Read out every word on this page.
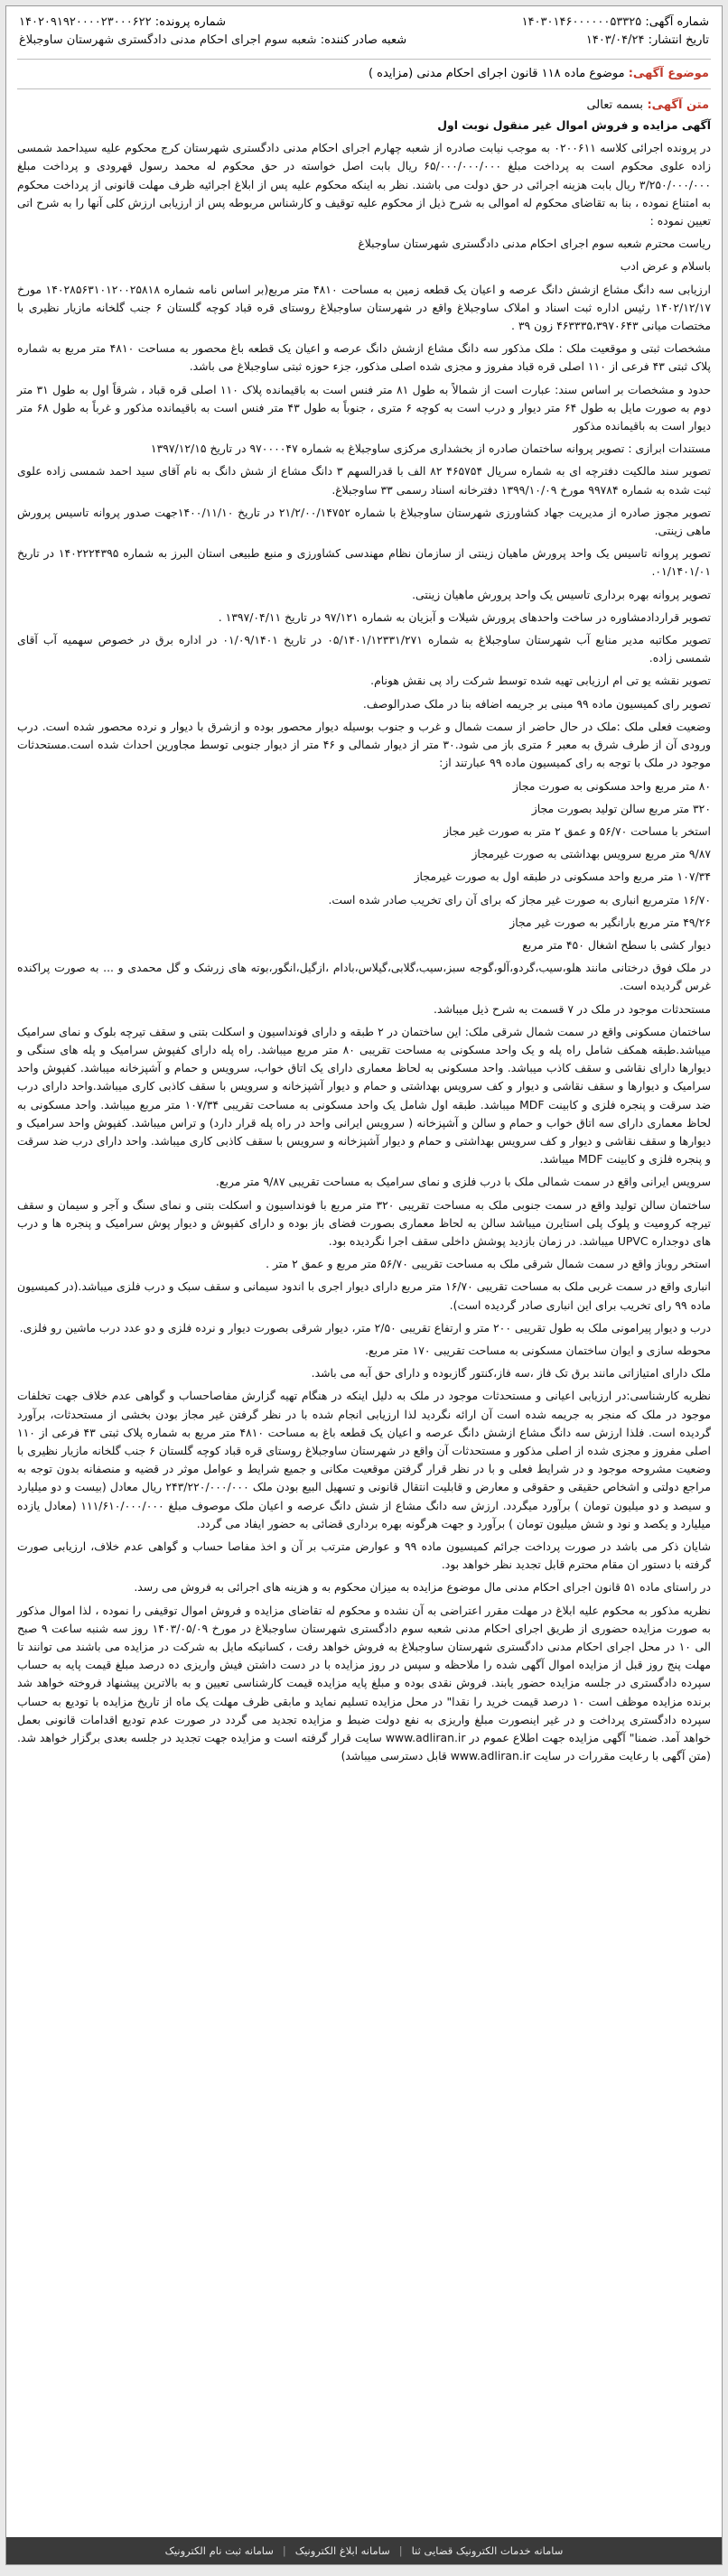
شماره آگهی: ۱۴۰۳۰۱۴۶۰۰۰۰۰۰۵۳۳۲۵
شماره پرونده: ۱۴۰۲۰۹۱۹۲۰۰۰۰۲۳۰۰۰۶۲۲
تاریخ انتشار: ۱۴۰۳/۰۴/۲۴
شعبه صادر کننده: شعبه سوم اجرای احکام مدنی دادگستری شهرستان ساوجبلاغ
موضوع آگهی: موضوع ماده ۱۱۸ قانون اجرای احکام مدنی (مزایده )
متن آگهی: بسمه تعالی

آگهی مزایده و فروش اموال غیر منقول نوبت اول

در پرونده اجرائی کلاسه ۰۲۰۰۶۱۱ به موجب نیابت صادره از شعبه چهارم اجرای احکام مدنی دادگستری شهرستان کرج محکوم علیه سیداحمد شمسی زاده علوی محکوم است به پرداخت مبلغ ۶۵/۰۰۰/۰۰۰/۰۰۰ ریال بابت اصل خواسته در حق محکوم له محمد رسول قهرودی و پرداخت مبلغ ۳/۲۵۰/۰۰۰/۰۰۰ ریال بابت هزینه اجرائی در حق دولت می باشند. نظر به اینکه محکوم علیه پس از ابلاغ اجرائیه ظرف مهلت قانونی از پرداخت محکوم به امتناع نموده ، بنا به تقاضای محکوم له اموالی به شرح ذیل از محکوم علیه توقیف و کارشناس مربوطه پس از ارزیابی ارزش کلی آنها را به شرح اتی تعیین نموده :

ریاست محترم شعبه سوم اجرای احکام مدنی دادگستری شهرستان ساوجبلاغ

باسلام و عرض ادب

ارزیابی سه دانگ مشاع ازشش دانگ عرصه و اعیان یک قطعه زمین به مساحت ۴۸۱۰ متر مربع(بر اساس نامه شماره ۱۴۰۲۸۵۶۳۱۰۱۲۰۰۲۵۸۱۸ مورخ ۱۴۰۲/۱۲/۱۷ رئیس اداره ثبت اسناد و املاک ساوجبلاغ واقع در شهرستان ساوجبلاغ روستای قره قباد کوچه گلستان ۶ جنب گلخانه مازیار نظیری با مختصات میانی ۴۶۳۳۳۵،۳۹۷۰۶۴۳ زون ۳۹ .

مشخصات ثبتی و موقعیت ملک : ملک مذکور سه دانگ مشاع ازشش دانگ عرصه و اعیان یک قطعه باغ محصور به مساحت ۴۸۱۰ متر مربع به شماره پلاک ثبتی ۴۳ فرعی از ۱۱۰ اصلی قره قباد مفروز و مجزی شده اصلی مذکور، جزء حوزه ثبتی ساوجبلاغ می باشد.

حدود و مشخصات بر اساس سند: عبارت است از شمالاً به طول ۸۱ متر فنس است به باقیمانده پلاک ۱۱۰ اصلی قره قباد ، شرقاً اول به طول ۳۱ متر دوم به صورت مایل به طول ۶۴ متر دیوار و درب است به کوچه ۶ متری ، جنوباً به طول ۴۳ متر فنس است به باقیمانده مذکور و غرباً به طول ۶۸ متر دیوار است به باقیمانده مذکور

مستندات ابرازی : تصویر پروانه ساختمان صادره از بخشداری مرکزی ساوجبلاغ به شماره ۹۷۰۰۰۰۴۷ در تاریخ ۱۳۹۷/۱۲/۱۵

تصویر سند مالکیت دفترچه ای به شماره سریال ۴۶۵۷۵۴ ۸۲ الف با قدرالسهم ۳ دانگ مشاع از شش دانگ به نام آقای سید احمد شمسی زاده علوی ثبت شده به شماره ۹۹۷۸۴ مورخ ۱۳۹۹/۱۰/۰۹ دفترخانه اسناد رسمی ۳۳ ساوجبلاغ.

تصویر مجوز صادره از مدیریت جهاد کشاورزی شهرستان ساوجبلاغ با شماره ۲۱/۲/۰۰/۱۴۷۵۲ در تاریخ ۱۴۰۰/۱۱/۱۰جهت صدور پروانه تاسیس پرورش ماهی زینتی.

تصویر پروانه تاسیس یک واحد پرورش ماهیان زینتی از سازمان نظام مهندسی کشاورزی و منبع طبیعی استان البرز به شماره ۱۴۰۲۲۲۴۳۹۵ در تاریخ ۰۱/۱۴۰۱/۰۱.

تصویر پروانه بهره برداری تاسیس یک واحد پرورش ماهیان زینتی.

تصویر قراردادمشاوره در ساخت واحدهای پرورش شیلات و آبزیان به شماره ۹۷/۱۲۱ در تاریخ ۱۳۹۷/۰۴/۱۱ .

تصویر مکاتبه مدیر منابع آب شهرستان ساوجبلاغ به شماره ۰۵/۱۴۰۱/۱۲۳۳۱/۲۷۱ در تاریخ ۰۱/۰۹/۱۴۰۱ در اداره برق در خصوص سهمیه آب آقای شمسی زاده.

تصویر نقشه یو تی ام ارزیابی تهیه شده توسط شرکت راد پی نقش هونام.

تصویر رای کمیسیون ماده ۹۹ مبنی بر جریمه اضافه بنا در ملک صدرالوصف.

وضعیت فعلی ملک :ملک در حال حاضر از سمت شمال و غرب و جنوب بوسیله دیوار محصور بوده و ازشرق با دیوار و نرده محصور شده است. درب ورودی آن از طرف شرق به معبر ۶ متری باز می شود.۳۰ متر از دیوار شمالی و ۴۶ متر از دیوار جنوبی توسط مجاورین احداث شده است.مستحدثات موجود در ملک با توجه به رای کمیسیون ماده ۹۹ عبارتند از:

۸۰ متر مربع واحد مسکونی به صورت مجاز

۳۲۰ متر مربع سالن تولید بصورت مجاز

استخر با مساحت ۵۶/۷۰ و عمق ۲ متر به صورت غیر مجاز

۹/۸۷ متر مربع سرویس بهداشتی به صورت غیرمجاز

۱۰۷/۳۴ متر مربع واحد مسکونی در طبقه اول به صورت غیرمجاز

۱۶/۷۰ مترمربع انباری به صورت غیر مجاز که برای آن رای تخریب صادر شده است.

۴۹/۲۶ متر مربع بارانگیر به صورت غیر مجاز

دیوار کشی با سطح اشغال ۴۵۰ متر مربع

در ملک فوق درختانی مانند هلو،سیب،گردو،آلو،گوجه سبز،سیب،گلابی،گیلاس،بادام ،ازگیل،انگور،بوته های زرشک و گل محمدی و ... به صورت پراکنده غرس گردیده است.

مستحدثات موجود در ملک در ۷ قسمت به شرح ذیل میباشد.

ساختمان مسکونی واقع در سمت شمال شرقی ملک: این ساختمان در ۲ طبقه و دارای فونداسیون و اسکلت بتنی و سقف تیرچه بلوک و نمای سرامیک میباشد.طبقه همکف شامل راه پله و یک واحد مسکونی به مساحت تقریبی ۸۰ متر مربع میباشد. راه پله دارای کفپوش سرامیک و پله های سنگی و دیوارها دارای نقاشی و سقف کاذب میباشد. واحد مسکونی به لحاظ معماری دارای یک اتاق خواب، سرویس و حمام و آشپزخانه میباشد. کفپوش واحد سرامیک و دیوارها و سقف نقاشی و دیوار و کف سرویس بهداشتی و حمام و دیوار آشپزخانه و سرویس با سقف کاذبی کاری میباشد.واحد دارای درب ضد سرقت و پنجره فلزی و کابینت MDF میباشد. طبقه اول شامل یک واحد مسکونی به مساحت تقریبی ۱۰۷/۳۴ متر مربع میباشد. واحد مسکونی به لحاظ معماری دارای سه اتاق خواب و حمام و سالن و آشپزخانه ( سرویس ایرانی واحد در راه پله قرار دارد) و تراس میباشد. کفپوش واحد سرامیک و دیوارها و سقف نقاشی و دیوار و کف سرویس بهداشتی و حمام و دیوار آشپزخانه و سرویس با سقف کاذبی کاری میباشد. واحد دارای درب ضد سرقت و پنجره فلزی و کابینت MDF میباشد.

سرویس ایرانی واقع در سمت شمالی ملک با درب فلزی و نمای سرامیک به مساحت تقریبی ۹/۸۷ متر مربع.

ساختمان سالن تولید واقع در سمت جنوبی ملک به مساحت تقریبی ۳۲۰ متر مربع با فونداسیون و اسکلت بتنی و نمای سنگ و آجر و سیمان و سقف تیرچه کرومیت و پلوک پلی استایرن میباشد سالن به لحاظ معماری بصورت فضای باز بوده و دارای کفپوش و دیوار پوش سرامیک و پنجره ها و درب های دوجداره UPVC میباشد. در زمان بازدید پوشش داخلی سقف اجرا نگردیده بود.

استخر روباز واقع در سمت شمال شرقی ملک به مساحت تقریبی ۵۶/۷۰ متر مربع و عمق ۲ متر .

انباری واقع در سمت غربی ملک به مساحت تقریبی ۱۶/۷۰ متر مربع دارای دیوار اجری با اندود سیمانی و سقف سبک و درب فلزی میباشد.(در کمیسیون ماده ۹۹ رای تخریب برای این انباری صادر گردیده است).

درب و دیوار پیرامونی ملک به طول تقریبی ۲۰۰ متر و ارتفاع تقریبی ۲/۵۰ متر، دیوار شرقی بصورت دیوار و نرده فلزی و دو عدد درب ماشین رو فلزی.

محوطه سازی و ایوان ساختمان مسکونی به مساحت تقریبی ۱۷۰ متر مربع.

ملک دارای امتیازاتی مانند برق تک فاز ،سه فاز،کنتور گازبوده و دارای حق آبه می باشد.

نظریه کارشناسی:در ارزیابی اعیانی و مستحدثات موجود در ملک به دلیل اینکه در هنگام تهیه گزارش مفاصاحساب و گواهی عدم خلاف جهت تخلفات موجود در ملک که منجر به جریمه شده است آن ارائه نگردید لذا ارزیابی انجام شده با در نظر گرفتن غیر مجاز بودن بخشی از مستحدثات، برآورد گردیده است. فلذا ارزش سه دانگ مشاع ازشش دانگ عرصه و اعیان یک قطعه باغ به مساحت ۴۸۱۰ متر مربع به شماره پلاک ثبتی ۴۳ فرعی از ۱۱۰ اصلی مفروز و مجزی شده از اصلی مذکور و مستحدثات آن واقع در شهرستان ساوجبلاغ روستای قره قباد کوچه گلستان ۶ جنب گلخانه مازیار نظیری با وضعیت مشروحه موجود و در شرایط فعلی و با در نظر قرار گرفتن موقعیت مکانی و جمیع شرایط و عوامل موثر در قضیه و منصفانه بدون توجه به مراجع دولتی و اشخاص حقیقی و حقوقی و معارض و قابلیت انتقال قانونی و تسهیل البیع بودن ملک ۲۴۳/۲۲۰/۰۰۰/۰۰۰ ریال معادل (بیست و دو میلیارد و سیصد و دو میلیون تومان ) برآورد میگردد. ارزش سه دانگ مشاع از شش دانگ عرصه و اعیان ملک موصوف مبلغ ۱۱۱/۶۱۰/۰۰۰/۰۰۰ (معادل یازده میلیارد و یکصد و نود و شش میلیون تومان ) برآورد و جهت هرگونه بهره برداری قضائی به حضور ایفاد می گردد.

شایان ذکر می باشد در صورت پرداخت جرائم کمیسیون ماده ۹۹ و عوارض مترتب بر آن و اخذ مفاصا حساب و گواهی عدم خلاف، ارزیابی صورت گرفته با دستور ان مقام محترم قابل تجدید نظر خواهد بود.

در راستای ماده ۵۱ قانون اجرای احکام مدنی مال موضوع مزایده به میزان محکوم به و هزینه های اجرائی به فروش می رسد.

نظریه مذکور به محکوم علیه ابلاغ در مهلت مقرر اعتراضی به آن نشده و محکوم له تقاضای مزایده و فروش اموال توقیفی را نموده ، لذا اموال مذکور به صورت مزایده حضوری از طریق اجرای احکام مدنی شعبه سوم دادگستری شهرستان ساوجبلاغ در مورخ ۱۴۰۳/۰۵/۰۹ روز سه شنبه ساعت ۹ صبح الی ۱۰ در محل اجرای احکام مدنی دادگستری شهرستان ساوجبلاغ به فروش خواهد رفت ، کسانیکه مایل به شرکت در مزایده می باشند می توانند تا مهلت پنج روز قبل از مزایده اموال آگهی شده را ملاحظه و سپس در روز مزایده با در دست داشتن فیش واریزی ده درصد مبلغ قیمت پایه به حساب سپرده دادگستری در جلسه مزایده حضور یابند. فروش نقدی بوده و مبلغ پایه مزایده قیمت کارشناسی تعیین و به بالاترین پیشنهاد فروخته خواهد شد برنده مزایده موظف است ۱۰ درصد قیمت خرید را نقدا" در محل مزایده تسلیم نماید و مابقی ظرف مهلت یک ماه از تاریخ مزایده با تودیع به حساب سپرده دادگستری پرداخت و در غیر اینصورت مبلغ واریزی به نفع دولت ضبط و مزایده تجدید می گردد در صورت عدم تودیع اقدامات قانونی بعمل خواهد آمد. ضمنا" آگهی مزایده جهت اطلاع عموم در www.adliran.ir سایت قرار گرفته است و مزایده جهت تجدید در جلسه بعدی برگزار خواهد شد. (متن آگهی با رعایت مقررات در سایت www.adliran.ir قابل دسترسی میباشد)

سامانه خدمات الکترونیک قضایی ثنا
|
سامانه ابلاغ الکترونیک
|
سامانه ثبت نام الکترونیک
